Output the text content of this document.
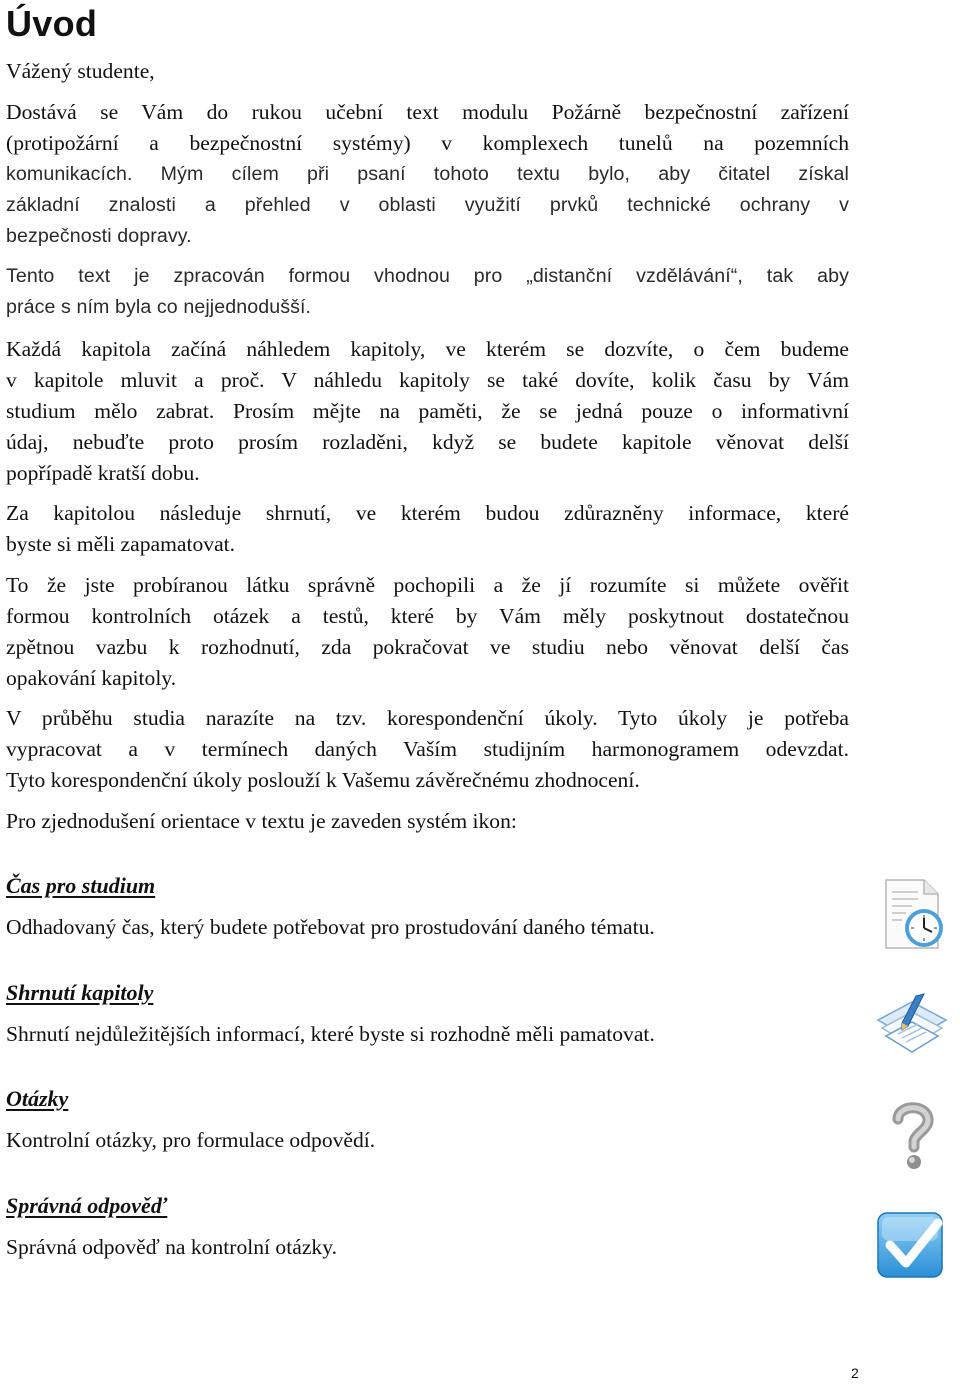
Úvod

Vážený studente,

Dostává se Vám do rukou učební text modulu Požárně bezpečnostní zařízení
(protipožární a bezpečnostní systémy) v komplexech tunelů na pozemních
komunikacích. Mým cílem při psaní tohoto textu bylo, aby čitatel získal
základní znalosti a přehled v oblasti využití prvků technické ochrany v
bezpečnosti dopravy.

Tento text je zpracován formou vhodnou pro „distanční vzdělávání“, tak aby
práce s ním byla co nejjednodušší.

Každá kapitola začíná náhledem kapitoly, ve kterém se dozvíte, o čem budeme
v kapitole mluvit a proč. V náhledu kapitoly se také dovíte, kolik času by Vám
studium mělo zabrat. Prosím mějte na paměti, že se jedná pouze o informativní
údaj, nebuďte proto prosím rozladěni, když se budete kapitole věnovat delší
popřípadě kratší dobu.

Za kapitolou následuje shrnutí, ve kterém budou zdůrazněny informace, které
byste si měli zapamatovat.

To že jste probíranou látku správně pochopili a že jí rozumíte si můžete ověřit
formou kontrolních otázek a testů, které by Vám měly poskytnout dostatečnou
zpětnou vazbu k rozhodnutí, zda pokračovat ve studiu nebo věnovat delší čas
opakování kapitoly.

V průběhu studia narazíte na tzv. korespondenční úkoly. Tyto úkoly je potřeba
vypracovat a v termínech daných Vaším studijním harmonogramem odevzdat.
Tyto korespondenční úkoly poslouží k Vašemu závěrečnému zhodnocení.

Pro zjednodušení orientace v textu je zaveden systém ikon:

Čas pro studium
Odhadovaný čas, který budete potřebovat pro prostudování daného tématu.
Shrnutí kapitoly
Shrnutí nejdůležitějších informací, které byste si rozhodně měli pamatovat.
Otázky
Kontrolní otázky, pro formulace odpovědí.
Správná odpověď
Správná odpověď na kontrolní otázky.
2
